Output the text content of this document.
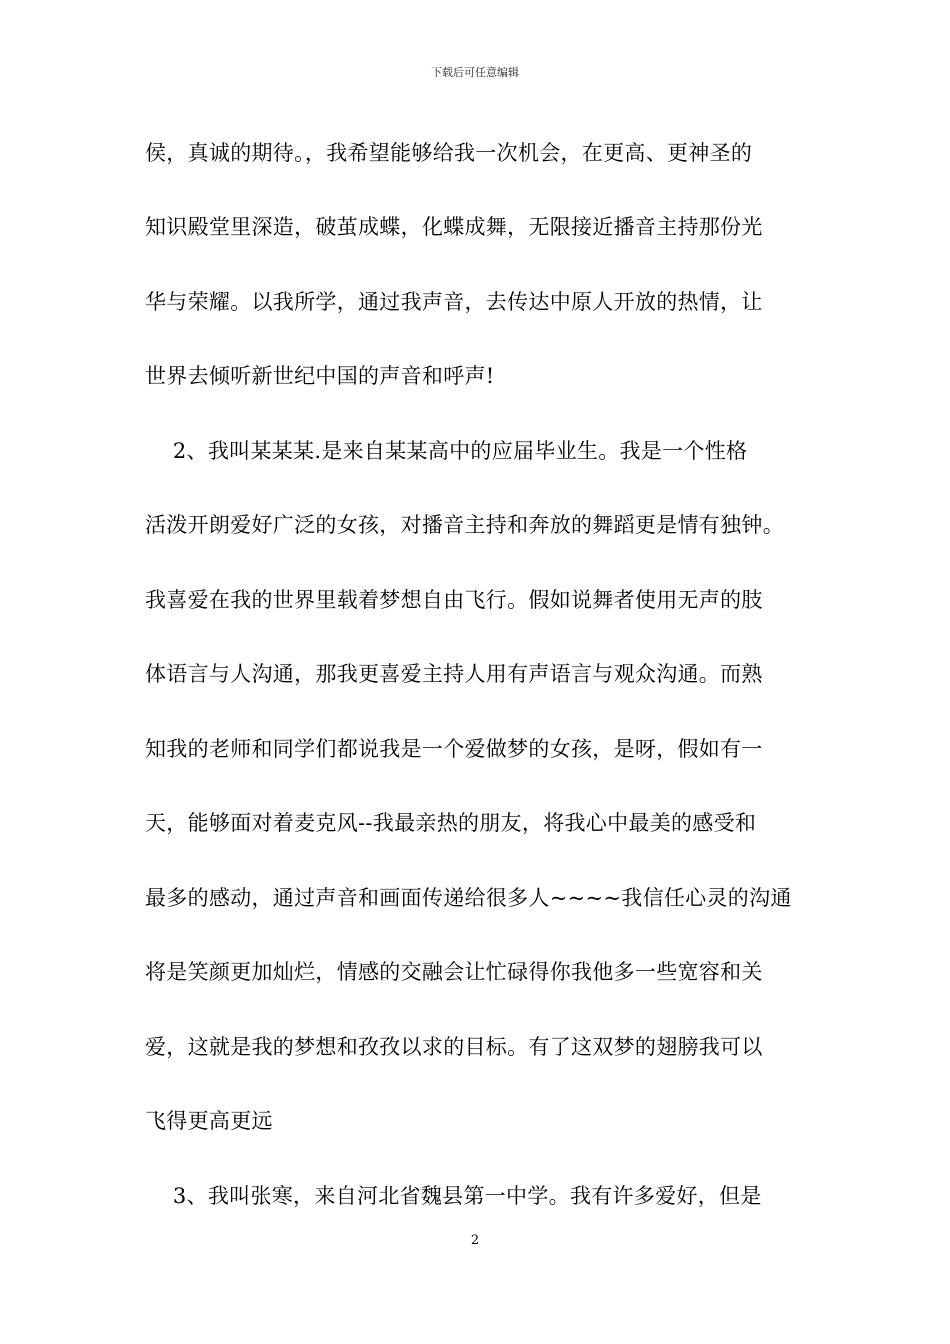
下载后可任意编辑
侯，真诚的期待。，我希望能够给我一次机会，在更高、更神圣的
知识殿堂里深造，破茧成蝶，化蝶成舞，无限接近播音主持那份光
华与荣耀。以我所学，通过我声音，去传达中原人开放的热情，让
世界去倾听新世纪中国的声音和呼声!
2、我叫某某某.是来自某某高中的应届毕业生。我是一个性格
活泼开朗爱好广泛的女孩，对播音主持和奔放的舞蹈更是情有独钟。
我喜爱在我的世界里载着梦想自由飞行。假如说舞者使用无声的肢
体语言与人沟通，那我更喜爱主持人用有声语言与观众沟通。而熟
知我的老师和同学们都说我是一个爱做梦的女孩，是呀，假如有一
天，能够面对着麦克风--我最亲热的朋友，将我心中最美的感受和
最多的感动，通过声音和画面传递给很多人~~~~我信任心灵的沟通
将是笑颜更加灿烂，情感的交融会让忙碌得你我他多一些宽容和关
爱，这就是我的梦想和孜孜以求的目标。有了这双梦的翅膀我可以
飞得更高更远
3、我叫张寒，来自河北省魏县第一中学。我有许多爱好，但是
2
